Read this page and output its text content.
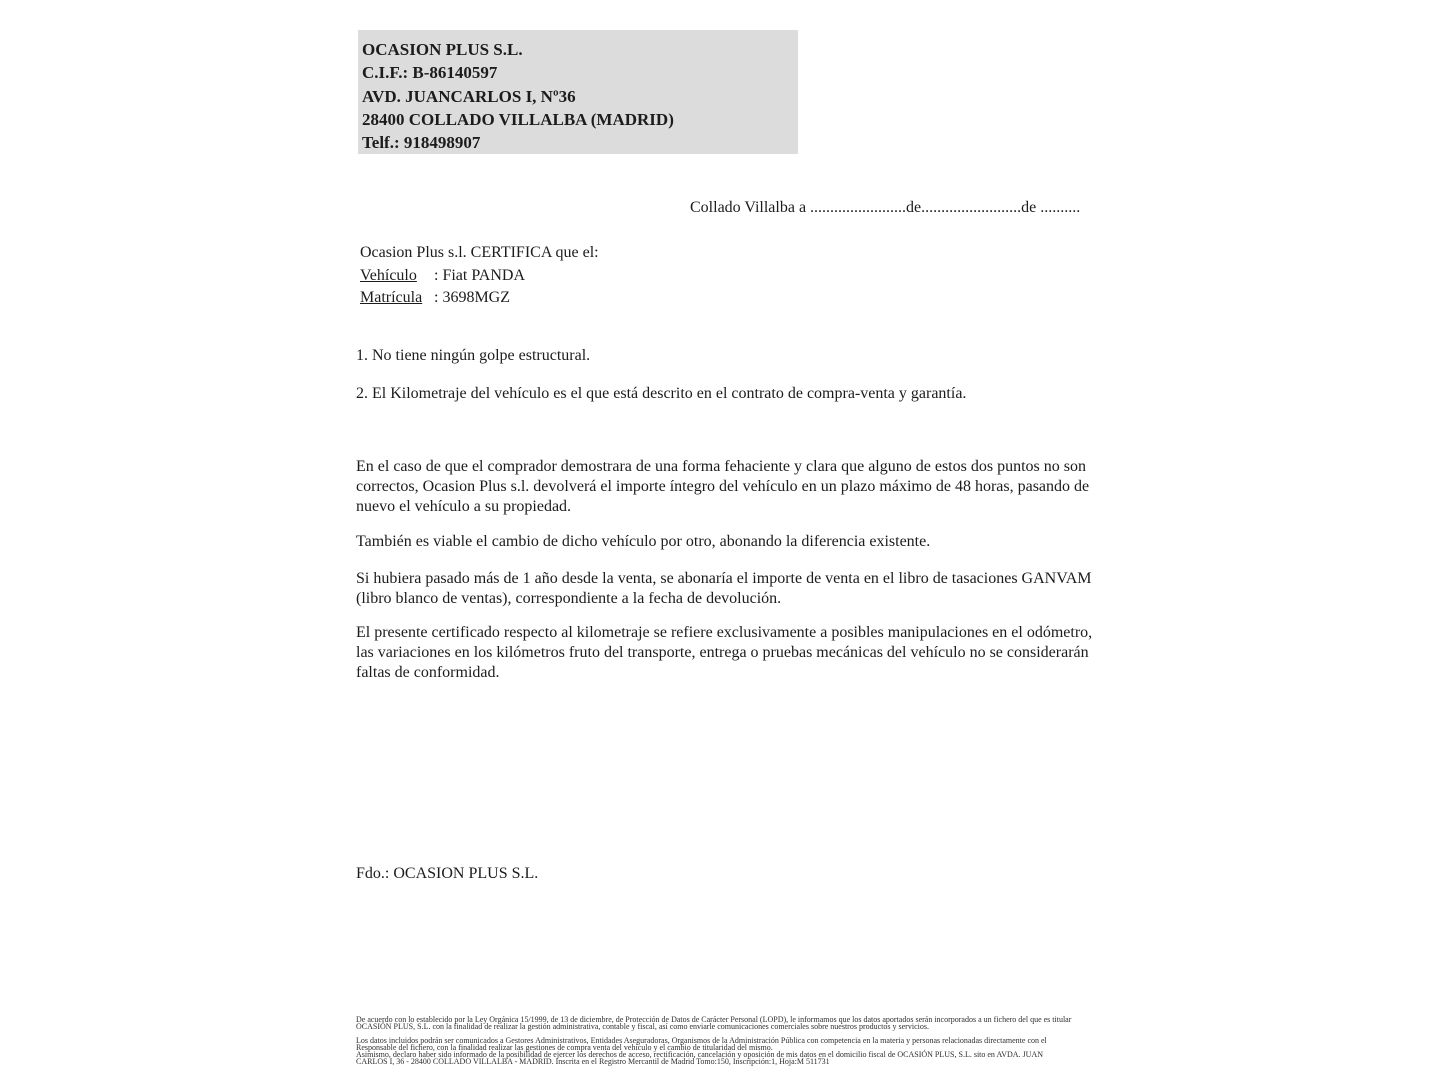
OCASION PLUS S.L.
C.I.F.: B-86140597
AVD. JUANCARLOS I, Nº36
28400 COLLADO VILLALBA (MADRID)
Telf.: 918498907
Collado Villalba a ........................de.........................de ..........
Ocasion Plus s.l. CERTIFICA que el:
Vehículo : Fiat PANDA
Matrícula : 3698MGZ
1. No tiene ningún golpe estructural.
2. El Kilometraje del vehículo es el que está descrito en el contrato de compra-venta y garantía.
En el caso de que el comprador demostrara de una forma fehaciente y clara que alguno de estos dos puntos no son correctos, Ocasion Plus s.l. devolverá el importe íntegro del vehículo en un plazo máximo de 48 horas, pasando de nuevo el vehículo a su propiedad.
También es viable el cambio de dicho vehículo por otro, abonando la diferencia existente.
Si hubiera pasado más de 1 año desde la venta, se abonaría el importe de venta en el libro de tasaciones GANVAM (libro blanco de ventas), correspondiente a la fecha de devolución.
El presente certificado respecto al kilometraje se refiere exclusivamente a posibles manipulaciones en el odómetro, las variaciones en los kilómetros fruto del transporte, entrega o pruebas mecánicas del vehículo no se considerarán faltas de conformidad.
Fdo.: OCASION PLUS S.L.
De acuerdo con lo establecido por la Ley Orgánica 15/1999, de 13 de diciembre, de Protección de Datos de Carácter Personal (LOPD), le informamos que los datos aportados serán incorporados a un fichero del que es titular
OCASIÓN PLUS, S.L. con la finalidad de realizar la gestión administrativa, contable y fiscal, así como enviarle comunicaciones comerciales sobre nuestros productos y servicios.
Los datos incluidos podrán ser comunicados a Gestores Administrativos, Entidades Aseguradoras, Organismos de la Administración Pública con competencia en la materia y personas relacionadas directamente con el
Responsable del fichero, con la finalidad realizar las gestiones de compra venta del vehículo y el cambio de titularidad del mismo.
Asimismo, declaro haber sido informado de la posibilidad de ejercer los derechos de acceso, rectificación, cancelación y oposición de mis datos en el domicilio fiscal de OCASIÓN PLUS, S.L. sito en AVDA. JUAN
CARLOS I, 36 - 28400 COLLADO VILLALBA - MADRID. Inscrita en el Registro Mercantil de Madrid Tomo:150, Inscripción:1, Hoja:M 511731
